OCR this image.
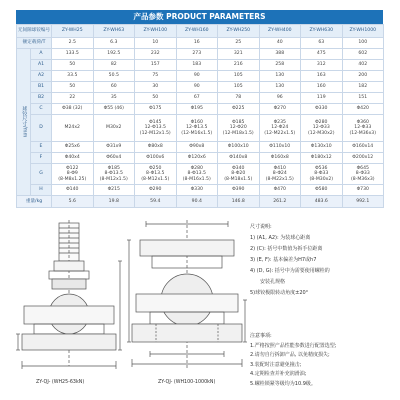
产品参数 PRODUCT PARAMETERS
无间隙球铰编号		ZY-WH25	ZY-WH63	ZY-WH100	ZY-WH160	ZY-WH250	ZY-WH400	ZY-WH630	ZY-WH1000
额定载荷/T		2.5	6.3	10	16	25	40	63	100
球铰尺寸/mm	A	133.5	192.5	232	273	321	388	475	602
	A1	50	82	157	183	216	258	312	402
	A2	33.5	50.5	75	90	105	130	163	200
	B1	50	60	30	90	105	130	160	182
	B2	22	35	50	67	78	96	119	151
	C	Φ38 (32)	Φ55 (46)	Φ175	Φ195	Φ225	Φ270	Φ330	Φ420
	D	M24x2	M30x2	Φ145
12-Φ13.5
(12-M12x1.5)	Φ160
12-Φ13.5
(12-M16x1.5)	Φ185
12-Φ20
(12-M18x1.5)	Φ235
12-Φ24
(12-M22x1.5)	Φ280
12-Φ33
(12-M30x2)	Φ360
12-Φ33
(12-M36x3)
	E	Φ25x6	Φ31x9	Φ80x8	Φ90x8	Φ100x10	Φ110x10	Φ130x10	Φ160x14
	F	Φ40x4	Φ60x4	Φ100x6	Φ120x6	Φ140x8	Φ160x8	Φ180x12	Φ200x12
	G	Φ122
8-Φ9
(8-M8x1.25)	Φ185
8-Φ13.5
(8-M12x1.5)	Φ250
8-Φ13.5
(8-M12x1.5)	Φ280
8-Φ13.5
(8-M16x1.5)	Φ340
8-Φ20
(8-M18x1.5)	Φ410
8-Φ24
(8-M22x1.5)	Φ536
8-Φ33
(8-M30x2)	Φ645
8-Φ33
(8-M36x3)
	H	Φ140	Φ215	Φ290	Φ330	Φ390	Φ470	Φ580	Φ730
重量/kg		5.6	19.8	59.4	90.4	146.8	261.2	483.6	992.1
ZY-QJ- (WH25-63kN)	ZY-QJ- (WH100-1000kN)
尺寸说明:
1) (A1, A2): 为装球心距离
2) (C): 括号中数值为拆手位距离
3) (E, F): 基本偏差为H7或h7
4) (D, G): 括号中为需要使用螺栓的
安装孔规格
5)球铰极限转动角度±20°
注意事项:
1.严格按照产品性能参数进行配置选型;
2.请勿自行拆卸产品, 以免精度损失;
3.装配时注意避免撞击;
4.定期检查并补充润滑油;
5.螺栓锁紧等级均为10.9级。
